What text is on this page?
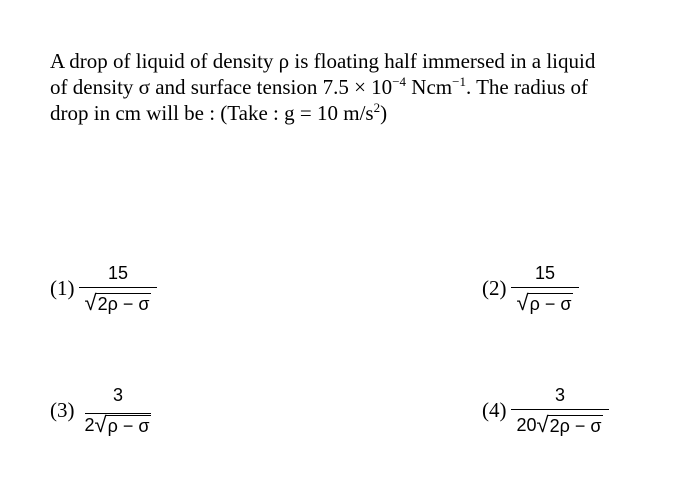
A drop of liquid of density ρ is floating half immersed in a liquid
of density σ and surface tension $7.5 \times 10^{-4}$ Ncm$^{-1}$. The radius of
drop in cm will be : (Take : g = 10 $m/s^2$)
$(1) \frac{15}{√ 2\rho - \sigma}$	$(2) \frac{15}{√ \rho - \sigma}$
(3)
3
2 √ ρ − σ
$(4) \frac{3}{20 √ 2\rho - \sigma}$
